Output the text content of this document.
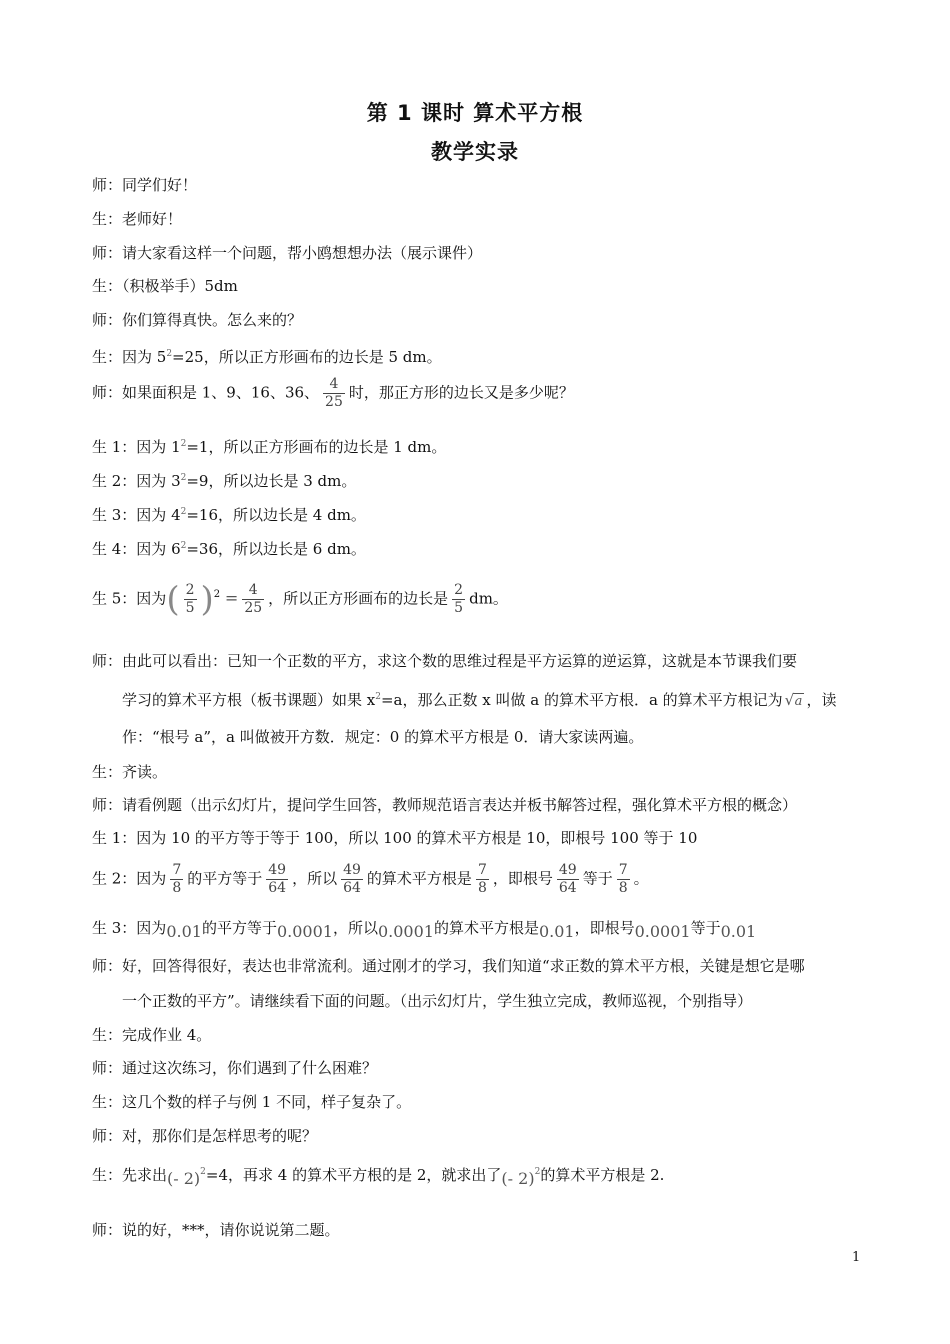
第 1 课时 算术平方根
教学实录
师：同学们好！
生：老师好！
师：请大家看这样一个问题，帮小鸥想想办法（展示课件）
生：（积极举手）5dm
师：你们算得真快。怎么来的？
生：因为 $5^2=25$，所以正方形画布的边长是 5 dm。
师：如果面积是 1、9、16、36、 $\frac{4}{25}$ 时，那正方形的边长又是多少呢？
生 1：因为 $1^2=1$，所以正方形画布的边长是 1 dm。
生 2：因为 $3^2=9$，所以边长是 3 dm。
生 3：因为 $4^2=16$，所以边长是 4 dm。
生 4：因为 $6^2=36$，所以边长是 6 dm。
生 5：因为( $\frac{2}{5} )^2 = \frac{4}{25}$ ，所以正方形画布的边长是 $\frac{2}{5}$ dm。
师：由此可以看出：已知一个正数的平方，求这个数的思维过程是平方运算的逆运算，这就是本节课我们要
学习的算术平方根（板书课题）如果 $x^2=a$，那么正数 x 叫做 a 的算术平方根．a 的算术平方根记为 √ a ，读
作：“根号 a”，a 叫做被开方数．规定：0 的算术平方根是 0．请大家读两遍。
生：齐读。
师：请看例题（出示幻灯片，提问学生回答，教师规范语言表达并板书解答过程，强化算术平方根的概念）
生 1：因为 10 的平方等于等于 100，所以 100 的算术平方根是 10，即根号 100 等于 10
生 2：因为 $\frac{7}{8}$ 的平方等于 $\frac{49}{64}$ ，所以 $\frac{49}{64}$ 的算术平方根是 $\frac{7}{8}$ ，即根号 $\frac{49}{64}$ 等于 $\frac{7}{8}$ 。
生 3：因为0.01的平方等于0.0001，所以0.0001的算术平方根是0.01，即根号0.0001等于0.01
师：好，回答得很好，表达也非常流利。通过刚才的学习，我们知道“求正数的算术平方根，关键是想它是哪
一个正数的平方”。请继续看下面的问题。（出示幻灯片，学生独立完成，教师巡视，个别指导）
生：完成作业 4。
师：通过这次练习，你们遇到了什么困难？
生：这几个数的样子与例 1 不同，样子复杂了。
师：对，那你们是怎样思考的呢？
生：先求出(- 2)$^2$=4，再求 4 的算术平方根的是 2，就求出了(- 2)$^2$的算术平方根是 2.
师：说的好，***，请你说说第二题。
1
